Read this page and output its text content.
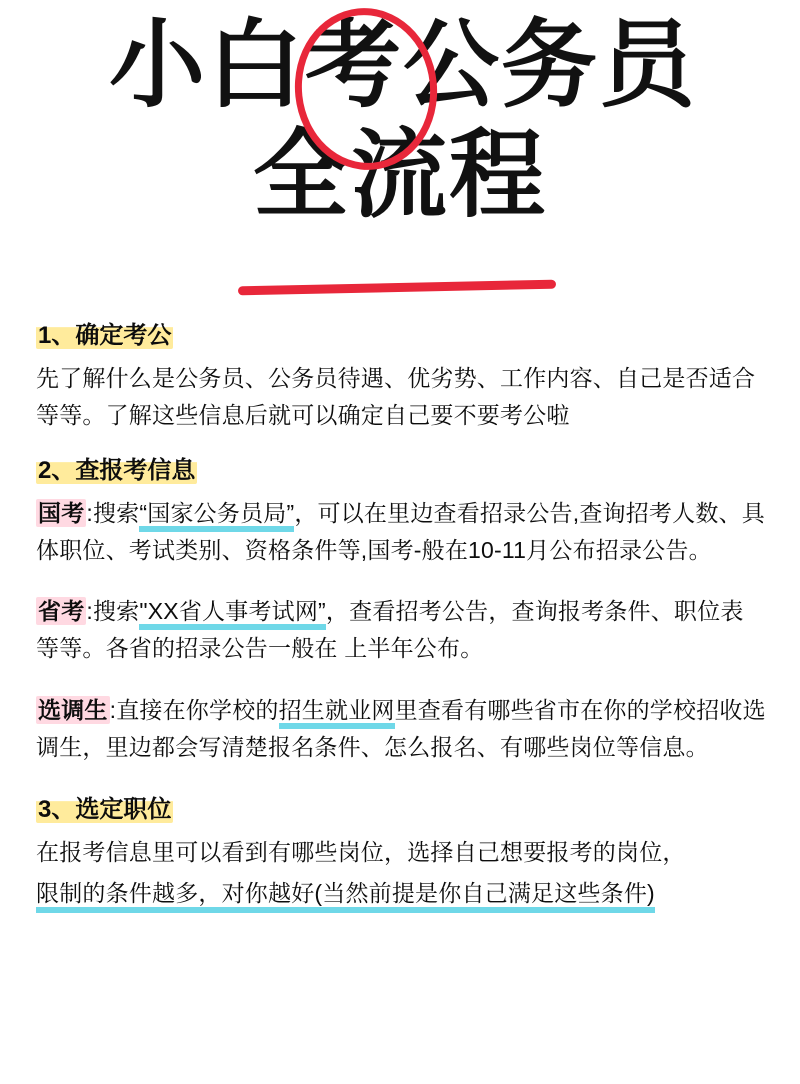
小白考公务员
全流程
1、确定考公

先了解什么是公务员、公务员待遇、优劣势、工作内容、自己是否适合等等。了解这些信息后就可以确定自己要不要考公啦

2、查报考信息

国考:搜索“国家公务员局”，可以在里边查看招录公告,查询招考人数、具体职位、考试类别、资格条件等,国考-般在10-11月公布招录公告。

省考:搜索"XX省人事考试网”，查看招考公告，查询报考条件、职位表等等。各省的招录公告一般在 上半年公布。

选调生:直接在你学校的招生就业网里查看有哪些省市在你的学校招收选调生，里边都会写清楚报名条件、怎么报名、有哪些岗位等信息。

3、选定职位

在报考信息里可以看到有哪些岗位，选择自己想要报考的岗位，

限制的条件越多，对你越好(当然前提是你自己满足这些条件)
